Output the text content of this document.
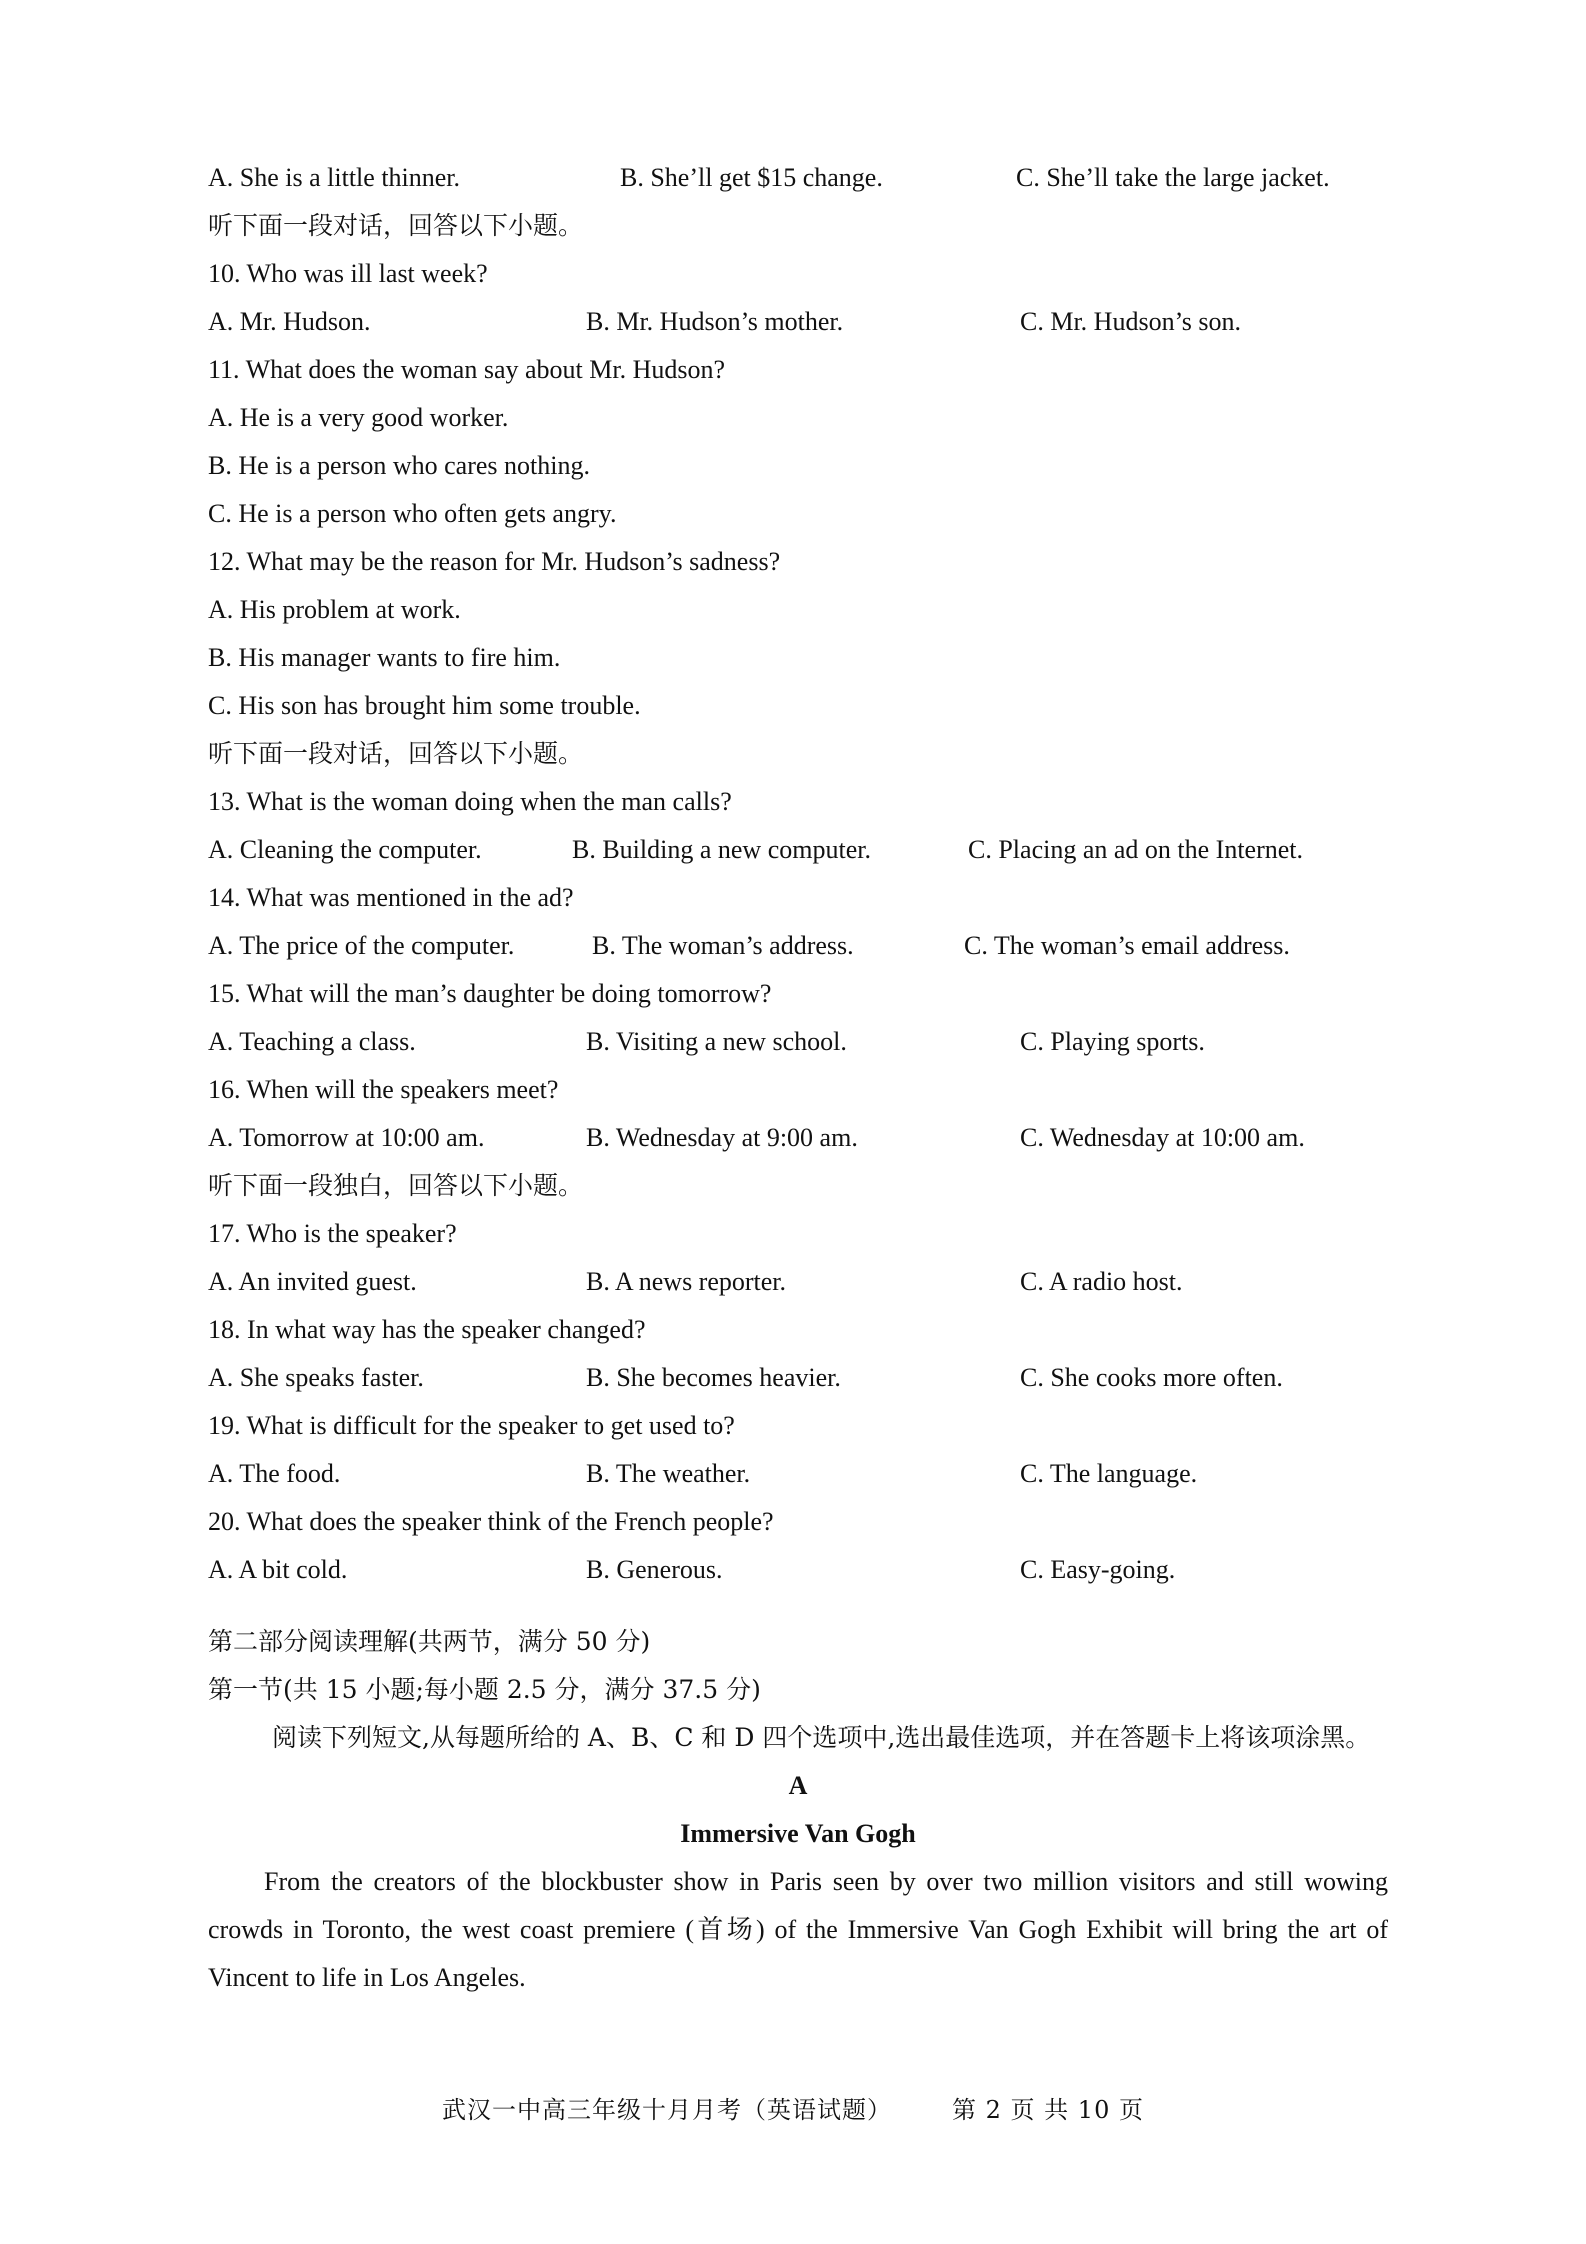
A. She is a little thinner.	B. She’ll get $15 change.	C. She’ll take the large jacket.
听下面一段对话，回答以下小题。
10. Who was ill last week?
A. Mr. Hudson.	B. Mr. Hudson’s mother.	C. Mr. Hudson’s son.
11. What does the woman say about Mr. Hudson?
A. He is a very good worker.
B. He is a person who cares nothing.
C. He is a person who often gets angry.
12. What may be the reason for Mr. Hudson’s sadness?
A. His problem at work.
B. His manager wants to fire him.
C. His son has brought him some trouble.
听下面一段对话，回答以下小题。
13. What is the woman doing when the man calls?
A. Cleaning the computer.	B. Building a new computer.	C. Placing an ad on the Internet.
14. What was mentioned in the ad?
A. The price of the computer.	B. The woman’s address.	C. The woman’s email address.
15. What will the man’s daughter be doing tomorrow?
A. Teaching a class.	B. Visiting a new school.	C. Playing sports.
16. When will the speakers meet?
A. Tomorrow at 10:00 am.	B. Wednesday at 9:00 am.	C. Wednesday at 10:00 am.
听下面一段独白，回答以下小题。
17. Who is the speaker?
A. An invited guest.	B. A news reporter.	C. A radio host.
18. In what way has the speaker changed?
A. She speaks faster.	B. She becomes heavier.	C. She cooks more often.
19. What is difficult for the speaker to get used to?
A. The food.	B. The weather.	C. The language.
20. What does the speaker think of the French people?
A. A bit cold.	B. Generous.	C. Easy-going.
第二部分阅读理解(共两节，满分 50 分)
第一节(共 15 小题;每小题 2.5 分，满分 37.5 分)
阅读下列短文,从每题所给的 A、B、C 和 D 四个选项中,选出最佳选项，并在答题卡上将该项涂黑。
A
Immersive Van Gogh
From the creators of the blockbuster show in Paris seen by over two million visitors and still wowing crowds in Toronto, the west coast premiere (首场) of the Immersive Van Gogh Exhibit will bring the art of Vincent to life in Los Angeles.
武汉一中高三年级十月月考（英语试题）	第 2 页 共 10 页
